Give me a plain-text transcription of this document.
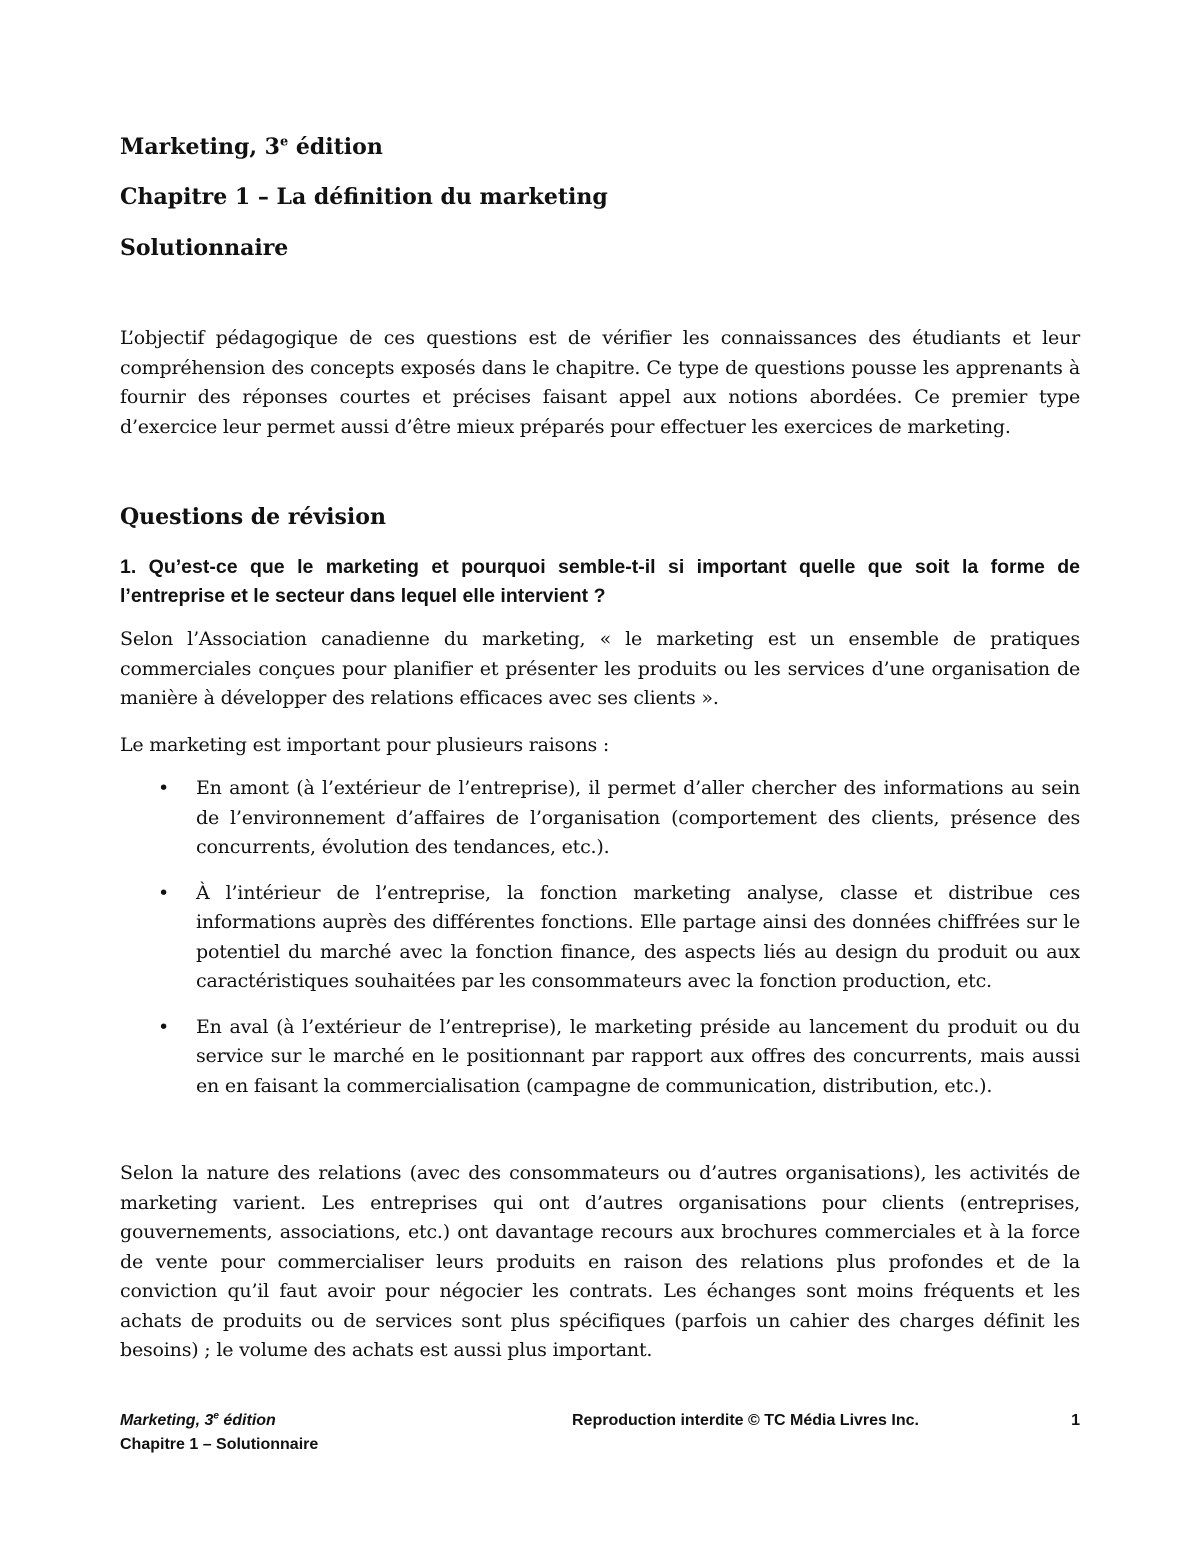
Marketing, 3e édition
Chapitre 1 – La définition du marketing
Solutionnaire

L’objectif pédagogique de ces questions est de vérifier les connaissances des étudiants et leur compréhension des concepts exposés dans le chapitre. Ce type de questions pousse les apprenants à fournir des réponses courtes et précises faisant appel aux notions abordées. Ce premier type d’exercice leur permet aussi d’être mieux préparés pour effectuer les exercices de marketing.

Questions de révision

1. Qu’est-ce que le marketing et pourquoi semble-t-il si important quelle que soit la forme de l’entreprise et le secteur dans lequel elle intervient ?

Selon l’Association canadienne du marketing, « le marketing est un ensemble de pratiques commerciales conçues pour planifier et présenter les produits ou les services d’une organisation de manière à développer des relations efficaces avec ses clients ».

Le marketing est important pour plusieurs raisons :

• En amont (à l’extérieur de l’entreprise), il permet d’aller chercher des informations au sein de l’environnement d’affaires de l’organisation (comportement des clients, présence des concurrents, évolution des tendances, etc.).
• À l’intérieur de l’entreprise, la fonction marketing analyse, classe et distribue ces informations auprès des différentes fonctions. Elle partage ainsi des données chiffrées sur le potentiel du marché avec la fonction finance, des aspects liés au design du produit ou aux caractéristiques souhaitées par les consommateurs avec la fonction production, etc.
• En aval (à l’extérieur de l’entreprise), le marketing préside au lancement du produit ou du service sur le marché en le positionnant par rapport aux offres des concurrents, mais aussi en en faisant la commercialisation (campagne de communication, distribution, etc.).

Selon la nature des relations (avec des consommateurs ou d’autres organisations), les activités de marketing varient. Les entreprises qui ont d’autres organisations pour clients (entreprises, gouvernements, associations, etc.) ont davantage recours aux brochures commerciales et à la force de vente pour commercialiser leurs produits en raison des relations plus profondes et de la conviction qu’il faut avoir pour négocier les contrats. Les échanges sont moins fréquents et les achats de produits ou de services sont plus spécifiques (parfois un cahier des charges définit les besoins) ; le volume des achats est aussi plus important.

Marketing, 3e édition
Chapitre 1 – Solutionnaire
Reproduction interdite © TC Média Livres Inc.	1
